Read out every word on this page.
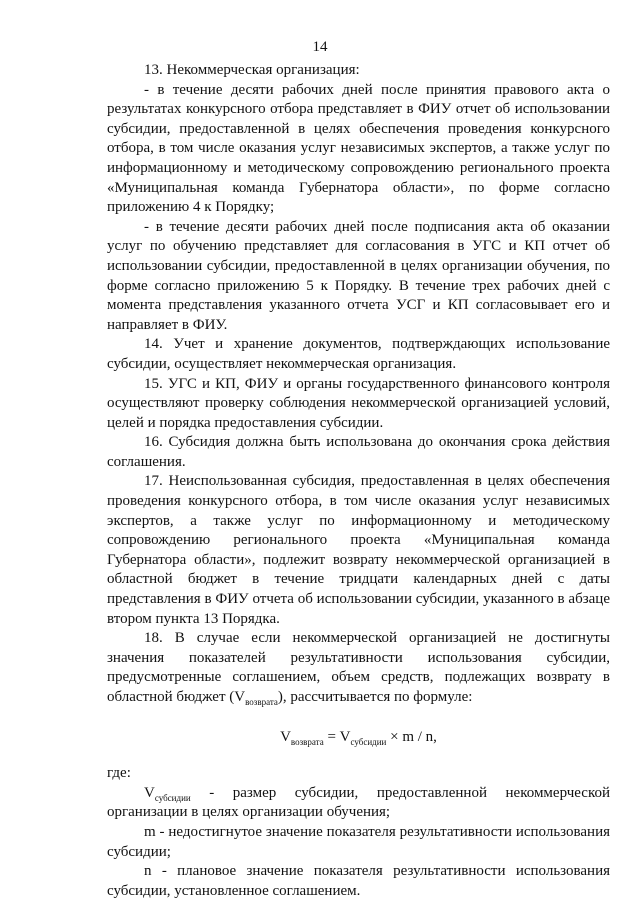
14

13. Некоммерческая организация:

- в течение десяти рабочих дней после принятия правового акта о результатах конкурсного отбора представляет в ФИУ отчет об использовании субсидии, предоставленной в целях обеспечения проведения конкурсного отбора, в том числе оказания услуг независимых экспертов, а также услуг по информационному и методическому сопровождению регионального проекта «Муниципальная команда Губернатора области», по форме согласно приложению 4 к Порядку;

- в течение десяти рабочих дней после подписания акта об оказании услуг по обучению представляет для согласования в УГС и КП отчет об использовании субсидии, предоставленной в целях организации обучения, по форме согласно приложению 5 к Порядку. В течение трех рабочих дней с момента представления указанного отчета УСГ и КП согласовывает его и направляет в ФИУ.

14. Учет и хранение документов, подтверждающих использование субсидии, осуществляет некоммерческая организация.

15. УГС и КП, ФИУ и органы государственного финансового контроля осуществляют проверку соблюдения некоммерческой организацией условий, целей и порядка предоставления субсидии.

16. Субсидия должна быть использована до окончания срока действия соглашения.

17. Неиспользованная субсидия, предоставленная в целях обеспечения проведения конкурсного отбора, в том числе оказания услуг независимых экспертов, а также услуг по информационному и методическому сопровождению регионального проекта «Муниципальная команда Губернатора области», подлежит возврату некоммерческой организацией в областной бюджет в течение тридцати календарных дней с даты представления в ФИУ отчета об использовании субсидии, указанного в абзаце втором пункта 13 Порядка.

18. В случае если некоммерческой организацией не достигнуты значения показателей результативности использования субсидии, предусмотренные соглашением, объем средств, подлежащих возврату в областной бюджет $(V_{возврата})$, рассчитывается по формуле:

$V_{возврата} = V_{субсидии} \times m / n$,

где:

$V_{субсидии}$ - размер субсидии, предоставленной некоммерческой организации в целях организации обучения;

m - недостигнутое значение показателя результативности использования субсидии;

n - плановое значение показателя результативности использования субсидии, установленное соглашением.
